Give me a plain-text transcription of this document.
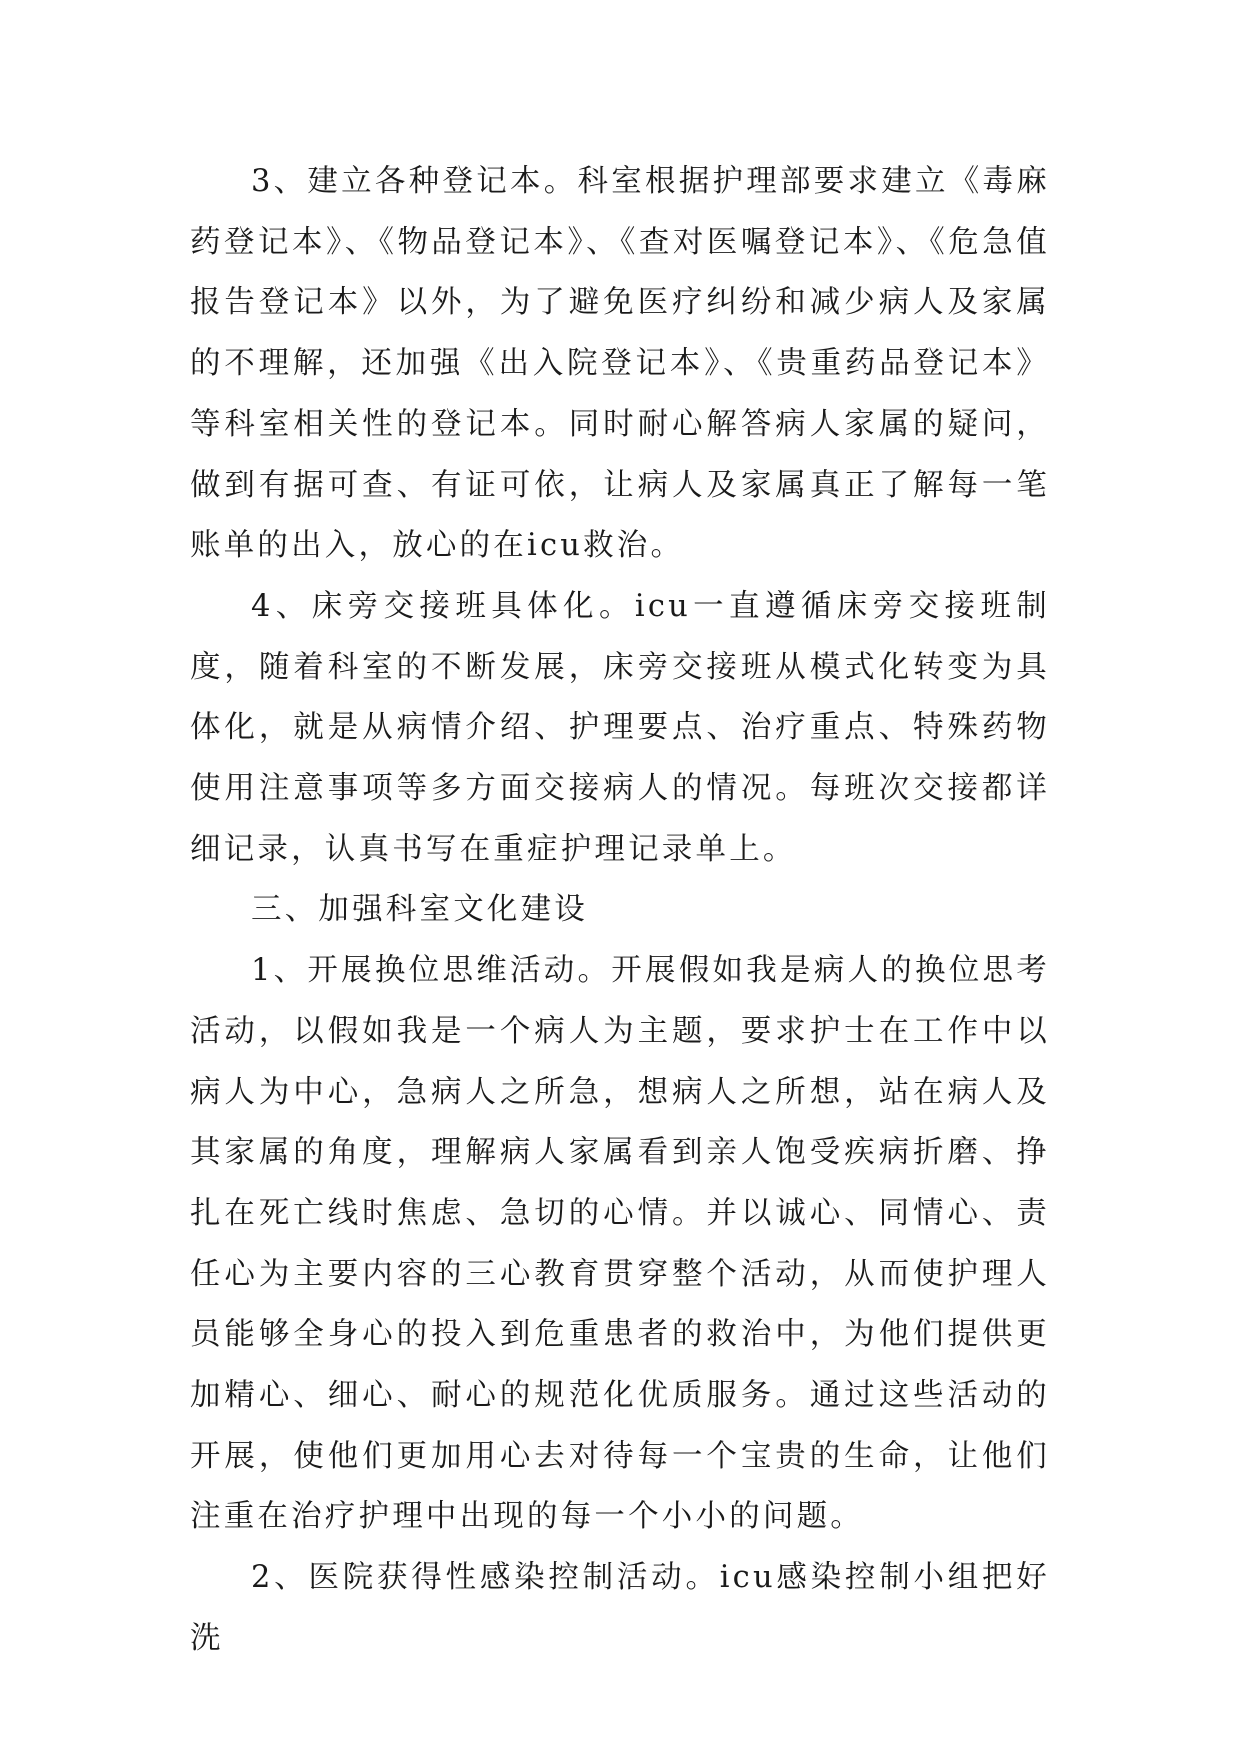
3、建立各种登记本。科室根据护理部要求建立《毒麻药登记本》、《物品登记本》、《查对医嘱登记本》、《危急值报告登记本》以外，为了避免医疗纠纷和减少病人及家属的不理解，还加强《出入院登记本》、《贵重药品登记本》等科室相关性的登记本。同时耐心解答病人家属的疑问，做到有据可查、有证可依，让病人及家属真正了解每一笔账单的出入，放心的在icu救治。

4、床旁交接班具体化。icu一直遵循床旁交接班制度，随着科室的不断发展，床旁交接班从模式化转变为具体化，就是从病情介绍、护理要点、治疗重点、特殊药物使用注意事项等多方面交接病人的情况。每班次交接都详细记录，认真书写在重症护理记录单上。

三、加强科室文化建设

1、开展换位思维活动。开展假如我是病人的换位思考活动，以假如我是一个病人为主题，要求护士在工作中以病人为中心，急病人之所急，想病人之所想，站在病人及其家属的角度，理解病人家属看到亲人饱受疾病折磨、挣扎在死亡线时焦虑、急切的心情。并以诚心、同情心、责任心为主要内容的三心教育贯穿整个活动，从而使护理人员能够全身心的投入到危重患者的救治中，为他们提供更加精心、细心、耐心的规范化优质服务。通过这些活动的开展，使他们更加用心去对待每一个宝贵的生命，让他们注重在治疗护理中出现的每一个小小的问题。

2、医院获得性感染控制活动。icu感染控制小组把好洗
